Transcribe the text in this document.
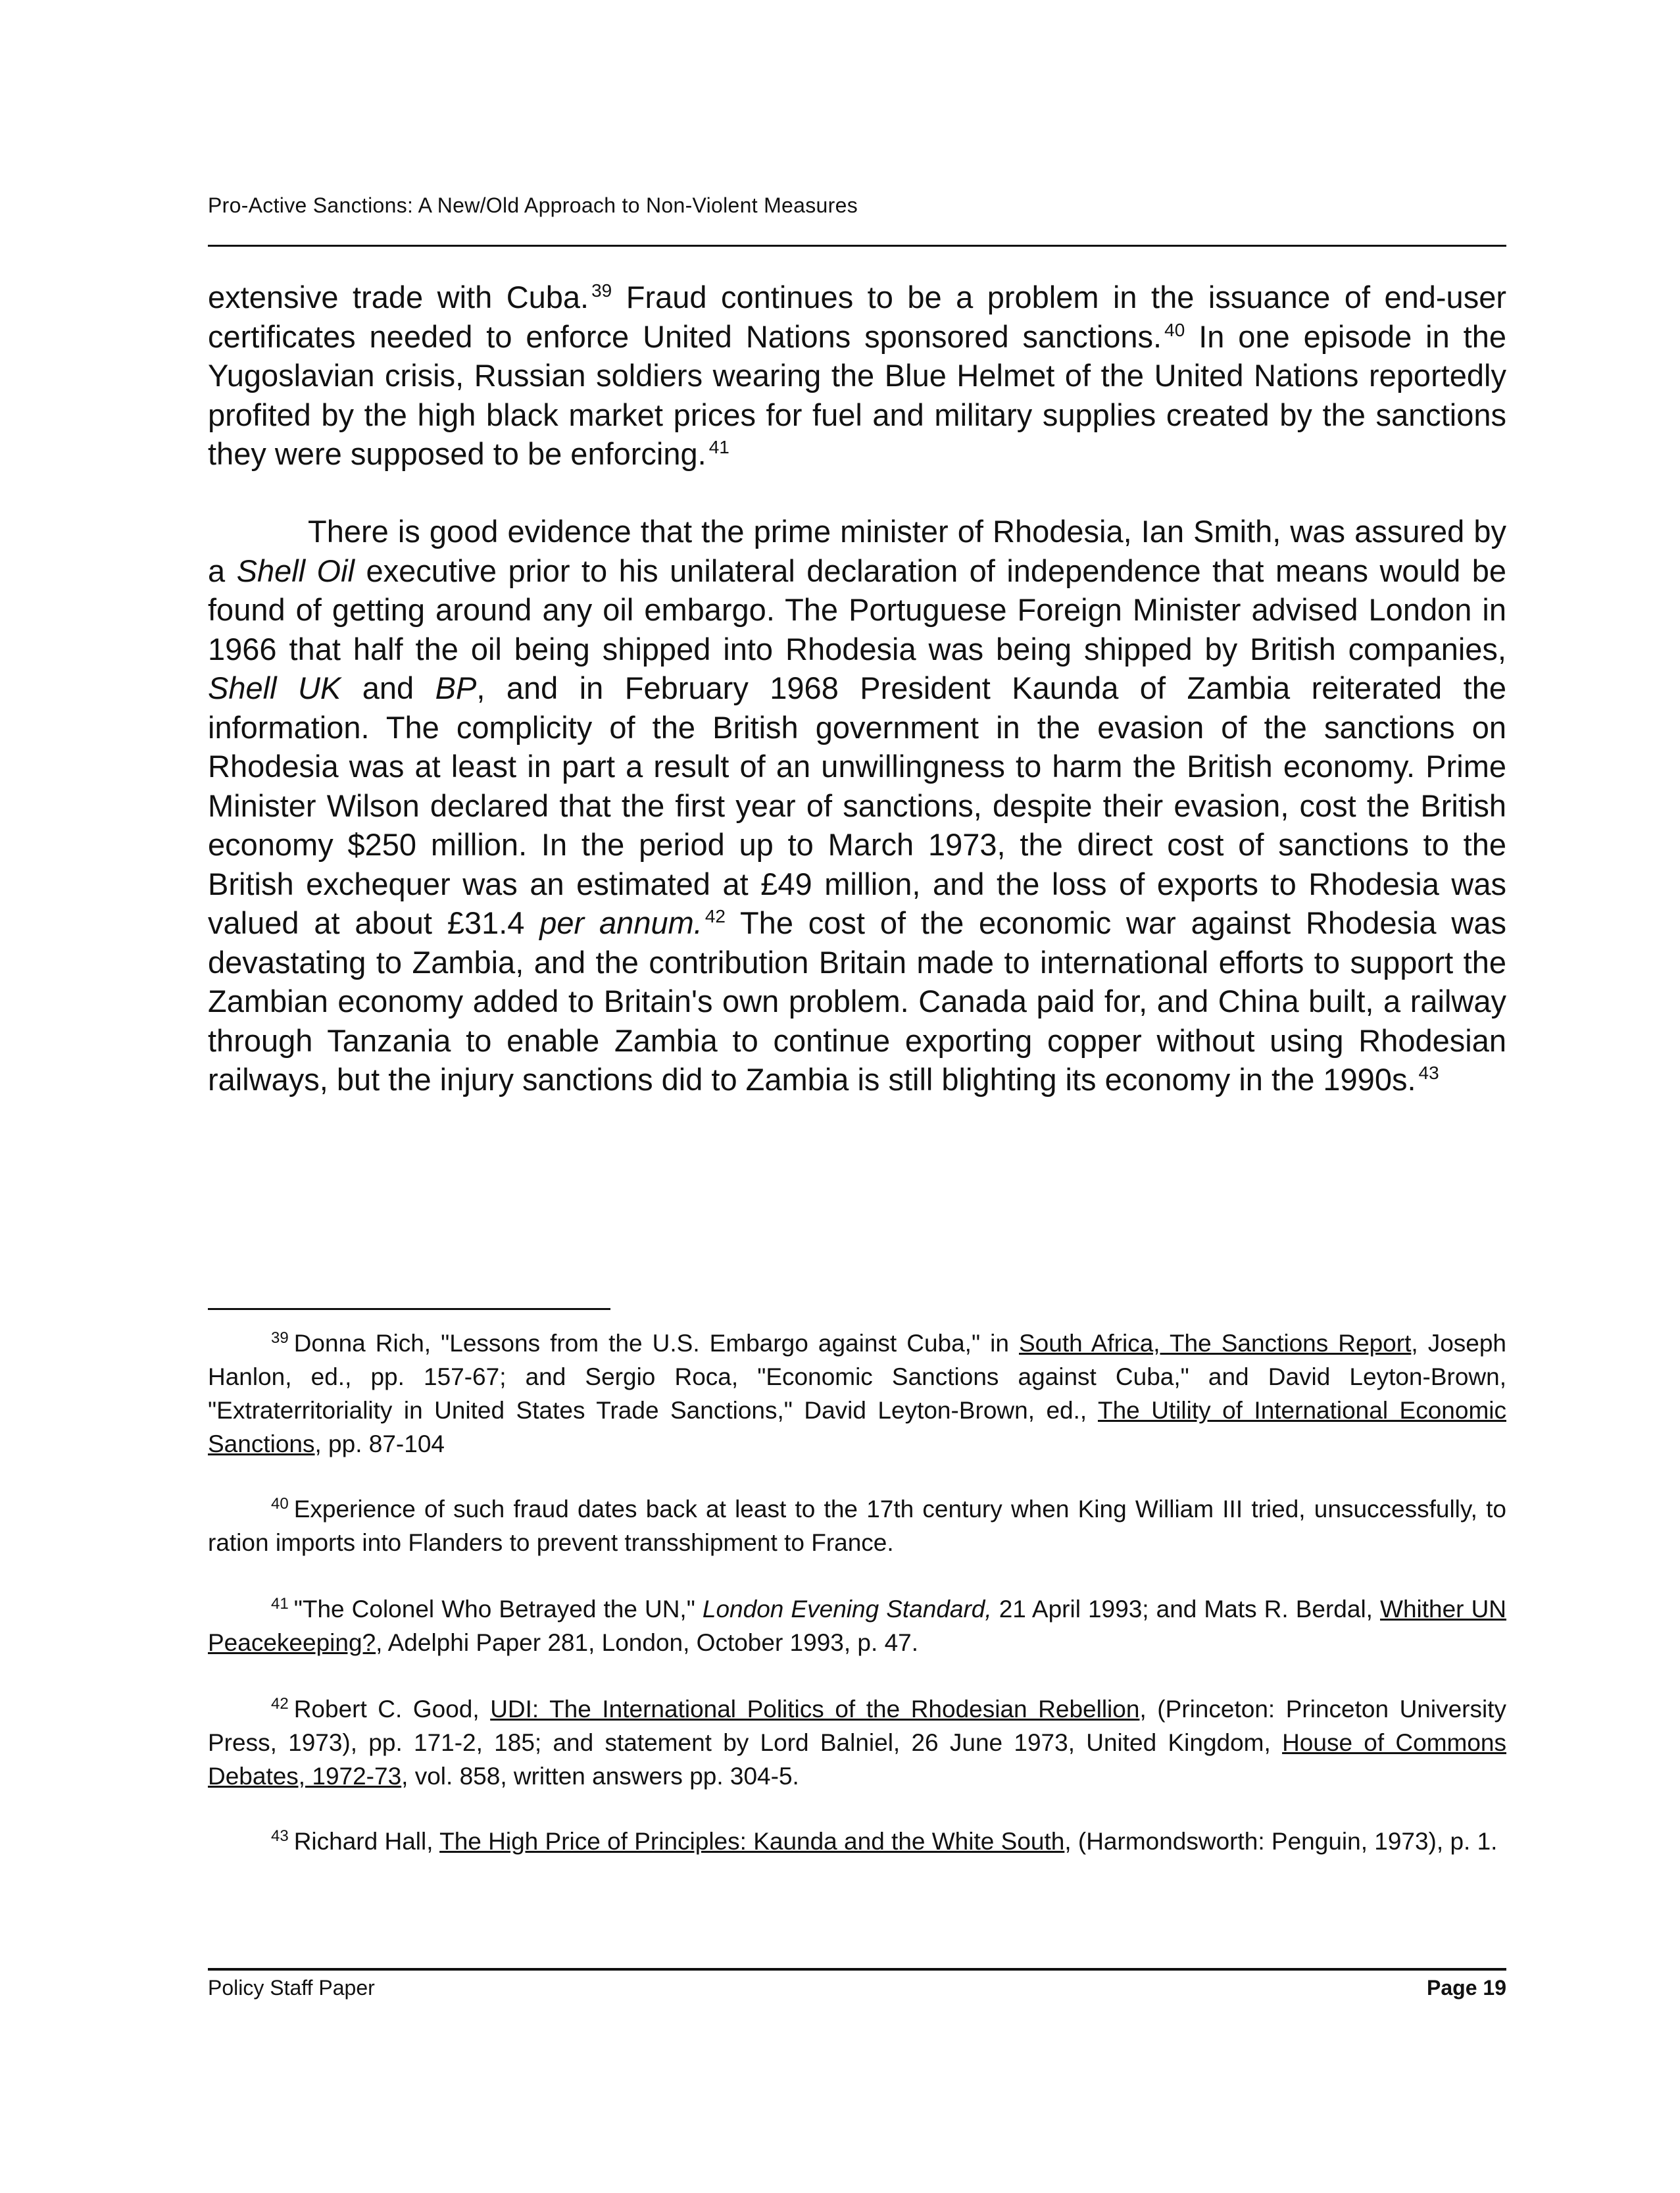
Pro-Active Sanctions: A New/Old Approach to Non-Violent Measures

extensive trade with Cuba. $^{39}$ Fraud continues to be a problem in the issuance of end-user certificates needed to enforce United Nations sponsored sanctions. $^{40}$ In one episode in the Yugoslavian crisis, Russian soldiers wearing the Blue Helmet of the United Nations reportedly profited by the high black market prices for fuel and military supplies created by the sanctions they were supposed to be enforcing. $^{41}$

There is good evidence that the prime minister of Rhodesia, Ian Smith, was assured by a Shell Oil executive prior to his unilateral declaration of independence that means would be found of getting around any oil embargo. The Portuguese Foreign Minister advised London in 1966 that half the oil being shipped into Rhodesia was being shipped by British companies, Shell UK and BP, and in February 1968 President Kaunda of Zambia reiterated the information. The complicity of the British government in the evasion of the sanctions on Rhodesia was at least in part a result of an unwillingness to harm the British economy. Prime Minister Wilson declared that the first year of sanctions, despite their evasion, cost the British economy $250 million. In the period up to March 1973, the direct cost of sanctions to the British exchequer was an estimated at £49 million, and the loss of exports to Rhodesia was valued at about £31.4 per annum. $^{42}$ The cost of the economic war against Rhodesia was devastating to Zambia, and the contribution Britain made to international efforts to support the Zambian economy added to Britain's own problem. Canada paid for, and China built, a railway through Tanzania to enable Zambia to continue exporting copper without using Rhodesian railways, but the injury sanctions did to Zambia is still blighting its economy in the 1990s. $^{43}$

$^{39}$ Donna Rich, "Lessons from the U.S. Embargo against Cuba," in South Africa, The Sanctions Report, Joseph Hanlon, ed., pp. 157-67; and Sergio Roca, "Economic Sanctions against Cuba," and David Leyton-Brown, "Extraterritoriality in United States Trade Sanctions," David Leyton-Brown, ed., The Utility of International Economic Sanctions, pp. 87-104

$^{40}$ Experience of such fraud dates back at least to the 17th century when King William III tried, unsuccessfully, to ration imports into Flanders to prevent transshipment to France.

$^{41}$ "The Colonel Who Betrayed the UN," London Evening Standard, 21 April 1993; and Mats R. Berdal, Whither UN Peacekeeping?, Adelphi Paper 281, London, October 1993, p. 47.

$^{42}$ Robert C. Good, UDI: The International Politics of the Rhodesian Rebellion, (Princeton: Princeton University Press, 1973), pp. 171-2, 185; and statement by Lord Balniel, 26 June 1973, United Kingdom, House of Commons Debates, 1972-73, vol. 858, written answers pp. 304-5.

$^{43}$ Richard Hall, The High Price of Principles: Kaunda and the White South, (Harmondsworth: Penguin, 1973), p. 1.

Policy Staff Paper	Page 19
